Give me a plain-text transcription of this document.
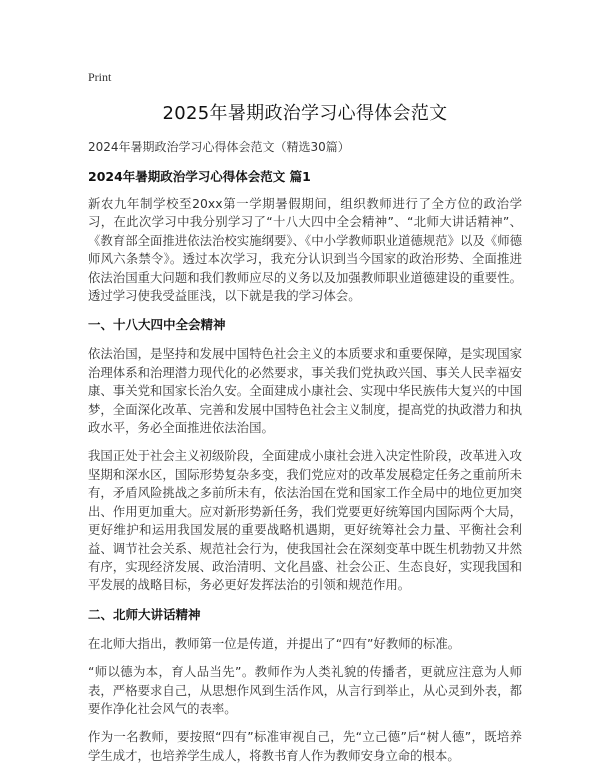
Print
2025年暑期政治学习心得体会范文
2024年暑期政治学习心得体会范文（精选30篇）
2024年暑期政治学习心得体会范文 篇1

新农九年制学校至20xx第一学期暑假期间，组织教师进行了全方位的政治学习，在此次学习中我分别学习了“十八大四中全会精神”、“北师大讲话精神”、《教育部全面推进依法治校实施纲要》、《中小学教师职业道德规范》以及《师德师风六条禁令》。透过本次学习，我充分认识到当今国家的政治形势、全面推进依法治国重大问题和我们教师应尽的义务以及加强教师职业道德建设的重要性。透过学习使我受益匪浅，以下就是我的学习体会。

一、十八大四中全会精神

依法治国，是坚持和发展中国特色社会主义的本质要求和重要保障，是实现国家治理体系和治理潜力现代化的必然要求，事关我们党执政兴国、事关人民幸福安康、事关党和国家长治久安。全面建成小康社会、实现中华民族伟大复兴的中国梦，全面深化改革、完善和发展中国特色社会主义制度，提高党的执政潜力和执政水平，务必全面推进依法治国。

我国正处于社会主义初级阶段，全面建成小康社会进入决定性阶段，改革进入攻坚期和深水区，国际形势复杂多变，我们党应对的改革发展稳定任务之重前所未有，矛盾风险挑战之多前所未有，依法治国在党和国家工作全局中的地位更加突出、作用更加重大。应对新形势新任务，我们党要更好统筹国内国际两个大局，更好维护和运用我国发展的重要战略机遇期，更好统筹社会力量、平衡社会利益、调节社会关系、规范社会行为，使我国社会在深刻变革中既生机勃勃又井然有序，实现经济发展、政治清明、文化昌盛、社会公正、生态良好，实现我国和平发展的战略目标，务必更好发挥法治的引领和规范作用。

二、北师大讲话精神

在北师大指出，教师第一位是传道，并提出了“四有”好教师的标准。

“师以德为本，育人品当先”。教师作为人类礼貌的传播者，更就应注意为人师表，严格要求自己，从思想作风到生活作风，从言行到举止，从心灵到外表，都要作净化社会风气的表率。

作为一名教师，要按照“四有”标准审视自己，先“立己德”后“树人德”，既培养学生成才，也培养学生成人，将教书育人作为教师安身立命的根本。
